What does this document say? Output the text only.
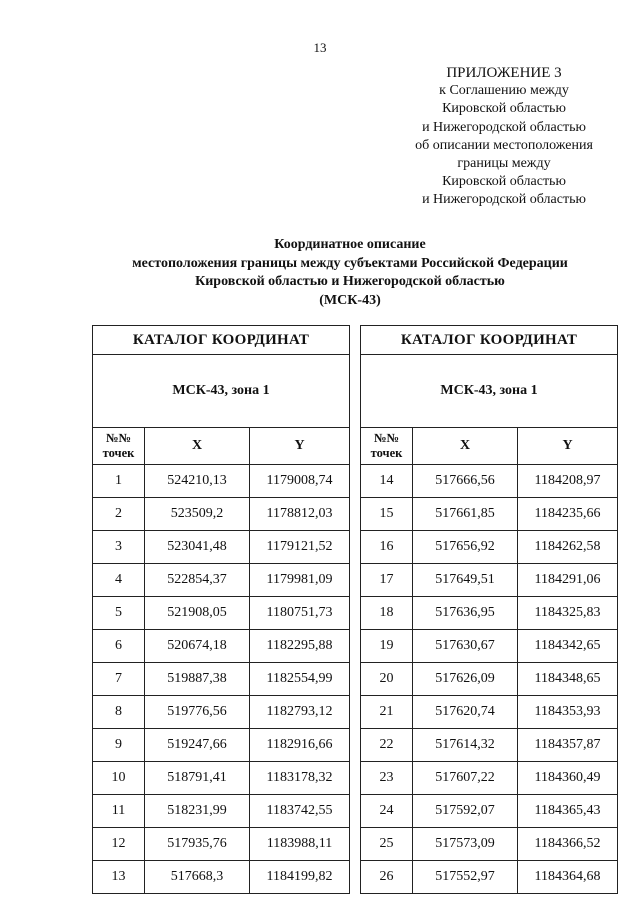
13
ПРИЛОЖЕНИЕ 3
к Соглашению между
Кировской областью
и Нижегородской областью
об описании местоположения
границы между
Кировской областью
и Нижегородской областью
Координатное описание
местоположения границы между субъектами Российской Федерации
Кировской областью и Нижегородской областью
(МСК-43)
КАТАЛОГ КООРДИНАТ		
МСК-43, зона 1		
№№ точек	X	Y
1	524210,13	1179008,74
2	523509,2	1178812,03
3	523041,48	1179121,52
4	522854,37	1179981,09
5	521908,05	1180751,73
6	520674,18	1182295,88
7	519887,38	1182554,99
8	519776,56	1182793,12
9	519247,66	1182916,66
10	518791,41	1183178,32
11	518231,99	1183742,55
12	517935,76	1183988,11
13	517668,3	1184199,82
КАТАЛОГ КООРДИНАТ		
МСК-43, зона 1		
№№ точек	X	Y
14	517666,56	1184208,97
15	517661,85	1184235,66
16	517656,92	1184262,58
17	517649,51	1184291,06
18	517636,95	1184325,83
19	517630,67	1184342,65
20	517626,09	1184348,65
21	517620,74	1184353,93
22	517614,32	1184357,87
23	517607,22	1184360,49
24	517592,07	1184365,43
25	517573,09	1184366,52
26	517552,97	1184364,68
